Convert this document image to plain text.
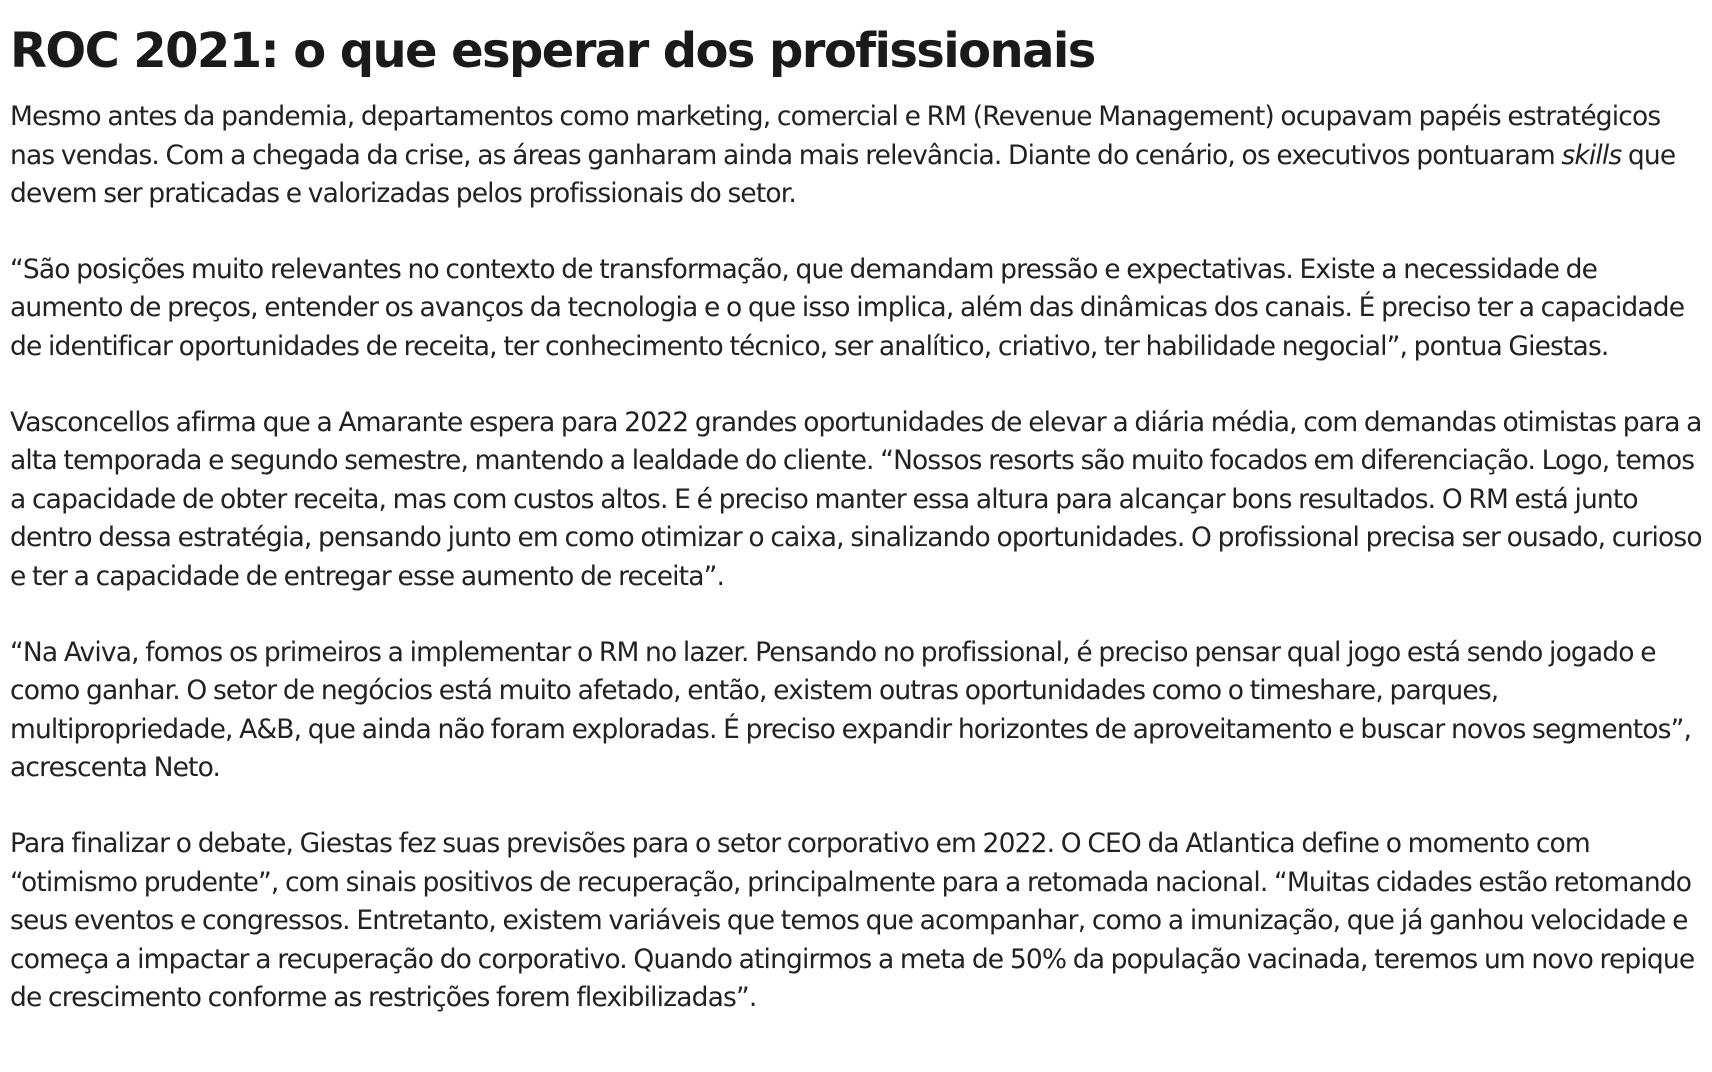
ROC 2021: o que esperar dos profissionais

Mesmo antes da pandemia, departamentos como marketing, comercial e RM (Revenue Management) ocupavam papéis estratégicos nas vendas. Com a chegada da crise, as áreas ganharam ainda mais relevância. Diante do cenário, os executivos pontuaram skills que devem ser praticadas e valorizadas pelos profissionais do setor.

“São posições muito relevantes no contexto de transformação, que demandam pressão e expectativas. Existe a necessidade de aumento de preços, entender os avanços da tecnologia e o que isso implica, além das dinâmicas dos canais. É preciso ter a capacidade de identificar oportunidades de receita, ter conhecimento técnico, ser analítico, criativo, ter habilidade negocial”, pontua Giestas.

Vasconcellos afirma que a Amarante espera para 2022 grandes oportunidades de elevar a diária média, com demandas otimistas para a alta temporada e segundo semestre, mantendo a lealdade do cliente. “Nossos resorts são muito focados em diferenciação. Logo, temos a capacidade de obter receita, mas com custos altos. E é preciso manter essa altura para alcançar bons resultados. O RM está junto dentro dessa estratégia, pensando junto em como otimizar o caixa, sinalizando oportunidades. O profissional precisa ser ousado, curioso e ter a capacidade de entregar esse aumento de receita”.

“Na Aviva, fomos os primeiros a implementar o RM no lazer. Pensando no profissional, é preciso pensar qual jogo está sendo jogado e como ganhar. O setor de negócios está muito afetado, então, existem outras oportunidades como o timeshare, parques, multipropriedade, A&B, que ainda não foram exploradas. É preciso expandir horizontes de aproveitamento e buscar novos segmentos”, acrescenta Neto.

Para finalizar o debate, Giestas fez suas previsões para o setor corporativo em 2022. O CEO da Atlantica define o momento com “otimismo prudente”, com sinais positivos de recuperação, principalmente para a retomada nacional. “Muitas cidades estão retomando seus eventos e congressos. Entretanto, existem variáveis que temos que acompanhar, como a imunização, que já ganhou velocidade e começa a impactar a recuperação do corporativo. Quando atingirmos a meta de 50% da população vacinada, teremos um novo repique de crescimento conforme as restrições forem flexibilizadas”.
